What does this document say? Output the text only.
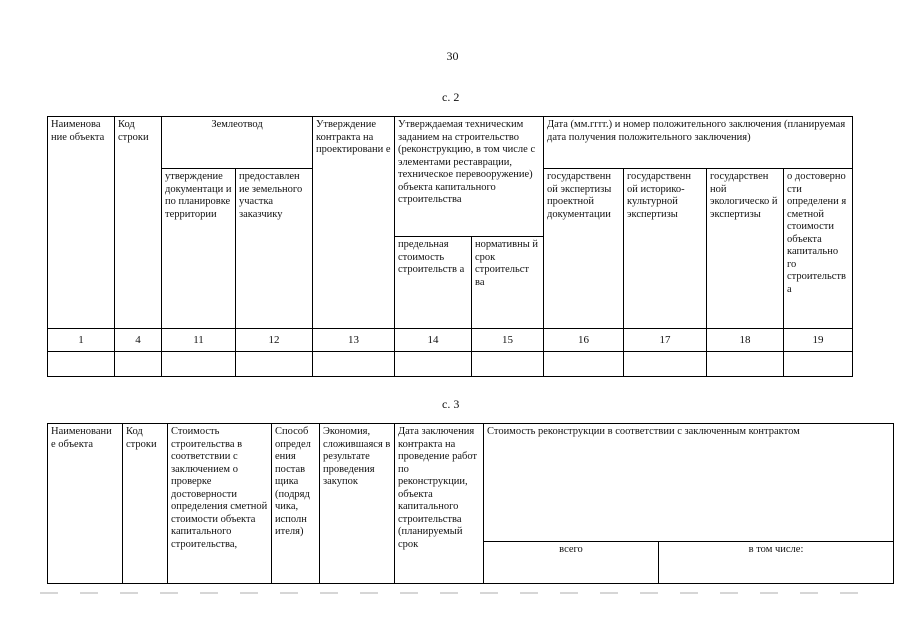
30
с. 2
Наименова ние объекта	Код строки	Землеотвод		Утверждение контракта на проектировани е	Утверждаемая техническим заданием на строительство (реконструкцию, в том числе с элементами реставрации, техническое перевооружение) объекта капитального строительства		Дата (мм.гггг.) и номер положительного заключения (планируемая дата получения положительного заключения)			
		утверждение документаци и по планировке территории	предоставлен ие земельного участка заказчику				государственн ой экспертизы проектной документации	государственн ой историко- культурной экспертизы	государствен ной экологическо й экспертизы	о достоверно сти определени я сметной стоимости объекта капитально го строительств а
					предельная стоимость строительств а	нормативны й срок строительст ва				
1	4	11	12	13	14	15	16	17	18	19

с. 3
Наименовани е объекта	Код строки	Стоимость строительства в соответствии с заключением о проверке достоверности определения сметной стоимости объекта капитального строительства,	Способ определ ения постав щика (подряд чика, исполн ителя)	Экономия, сложившаяся в результате проведения закупок	Дата заключения контракта на проведение работ по реконструкции, объекта капитального строительства (планируемый срок	Стоимость реконструкции в соответствии с заключенным контрактом	
						всего	в том числе:
